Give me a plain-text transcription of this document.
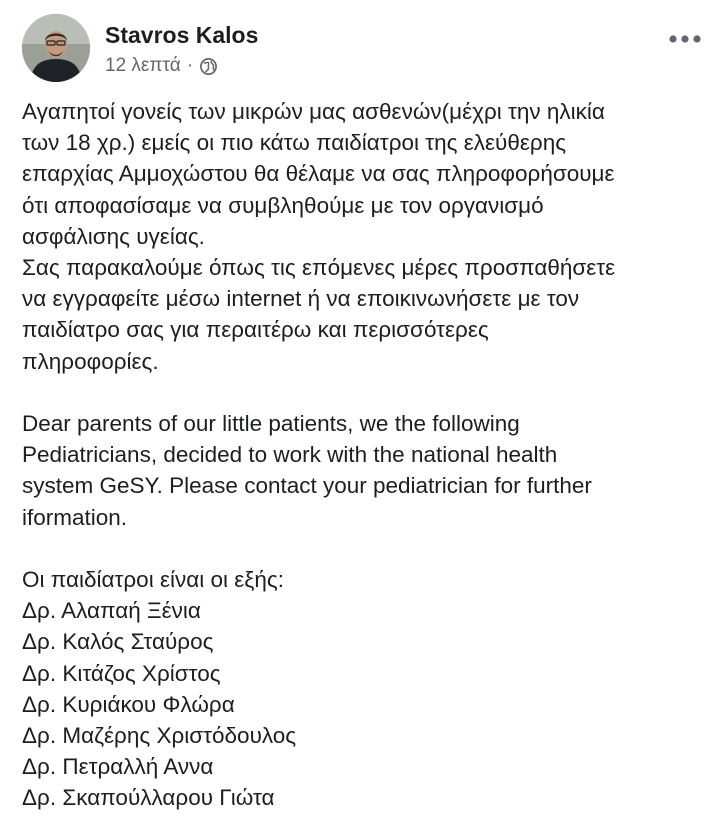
Stavros Kalos
12 λεπτά ·

Αγαπητοί γονείς των μικρών μας ασθενών(μέχρι την ηλικία
των 18 χρ.) εμείς οι πιο κάτω παιδίατροι της ελεύθερης
επαρχίας Αμμοχώστου θα θέλαμε να σας πληροφορήσουμε
ότι αποφασίσαμε να συμβληθούμε με τον οργανισμό
ασφάλισης υγείας.
Σας παρακαλούμε όπως τις επόμενες μέρες προσπαθήσετε
να εγγραφείτε μέσω internet ή να εποικινωνήσετε με τον
παιδίατρο σας για περαιτέρω και περισσότερες
πληροφορίες.

Dear parents of our little patients, we the following
Pediatricians, decided to work with the national health
system GeSY. Please contact your pediatrician for further
iformation.

Οι παιδίατροι είναι οι εξής:
Δρ. Αλαπαή Ξένια
Δρ. Καλός Σταύρος
Δρ. Κιτάζος Χρίστος
Δρ. Κυριάκου Φλώρα
Δρ. Μαζέρης Χριστόδουλος
Δρ. Πετραλλή Αννα
Δρ. Σκαπούλλαρου Γιώτα
